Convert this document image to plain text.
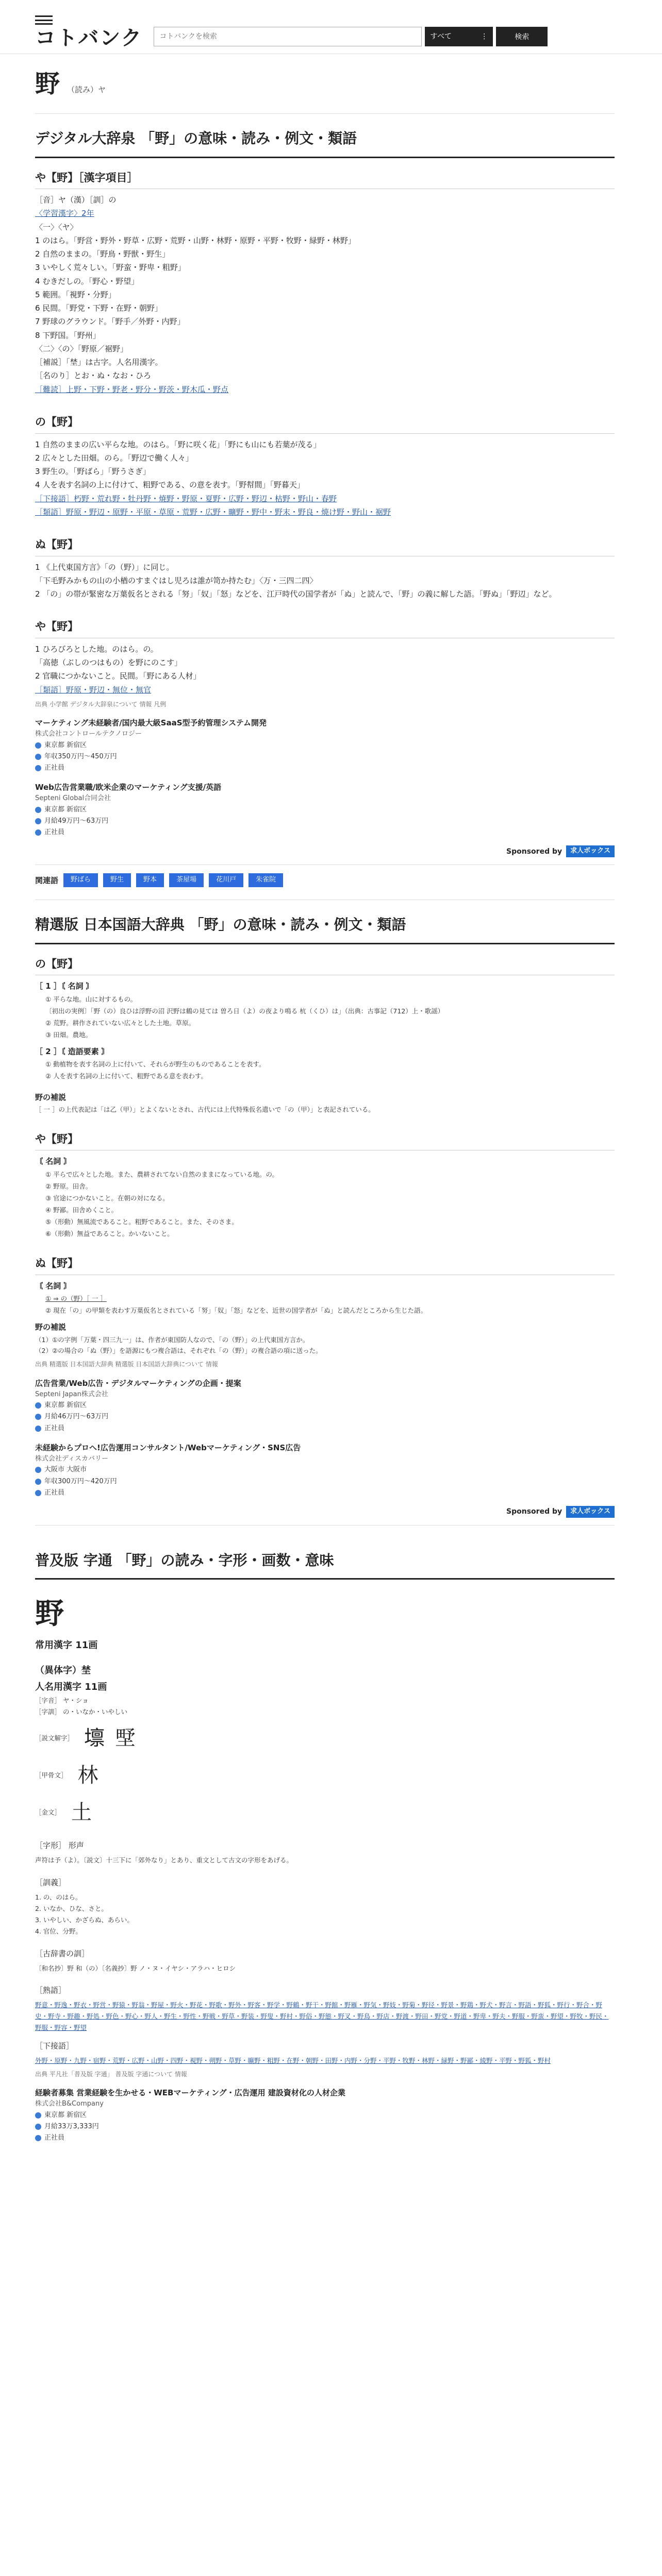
コトバンク
コトバンクを検索	すべて	⋮	検索
野 （読み）ヤ
デジタル大辞泉 「野」の意味・読み・例文・類語
や【野】［漢字項目］
［音］ヤ（漢）［訓］の
〈学習漢字〉2年
〈一〉〈ヤ〉
1 のはら。「野営・野外・野草・広野・荒野・山野・林野・原野・平野・牧野・緑野・林野」
2 自然のままの。「野鳥・野獣・野生」
3 いやしく荒々しい。「野蛮・野卑・粗野」
4 むきだしの。「野心・野望」
5 範囲。「視野・分野」
6 民間。「野党・下野・在野・朝野」
7 野球のグラウンド。「野手／外野・内野」
8 下野国。「野州」
〈二〉〈の〉「野原／裾野」
［補説］「埜」は古字。人名用漢字。
［名のり］とお・ぬ・なお・ひろ
［難読］上野・下野・野老・野分・野茨・野木瓜・野点
の【野】
1 自然のままの広い平らな地。のはら。「野に咲く花」「野にも山にも若葉が茂る」
2 広々とした田畑。のら。「野辺で働く人々」
3 野生の。「野ばら」「野うさぎ」
4 人を表す名詞の上に付けて、粗野である、の意を表す。「野幇間」「野暮天」
［下接語］朽野・荒れ野・牡丹野・焼野・野原・夏野・広野・野辺・枯野・野山・春野
［類語］野原・野辺・原野・平原・草原・荒野・広野・曠野・野中・野末・野良・焼け野・野山・裾野
ぬ【野】
1 《上代東国方言》「の（野）」に同じ。
「下毛野みかもの山の小楢のすまぐはし児ろは誰が笥か持たむ」〈万・三四二四〉
2 「の」の帯が緊密な万葉仮名とされる「努」「奴」「怒」などを、江戸時代の国学者が「ぬ」と読んで、「野」の義に解した語。「野ぬ」「野辺」など。
や【野】
1 ひろびろとした地。のはら。の。
「高徳（ぶしのつはもの）を野にのこす」
2 官職につかないこと。民間。「野にある人材」
［類語］野原・野辺・無位・無官
出典 小学館 デジタル大辞泉について 情報 凡例
マーケティング未経験者/国内最大級SaaS型予約管理システム開発
株式会社コントロールテクノロジー
東京都 新宿区
年収350万円〜450万円
正社員
Web広告営業職/欧米企業のマーケティング支援/英語
Septeni Global合同会社
東京都 新宿区
月給49万円〜63万円
正社員
Sponsored by	求人ボックス
関連語	野ばら	野生	野本	茶屋場	花川戸	朱雀院
精選版 日本国語大辞典 「野」の意味・読み・例文・類語
の【野】
［ 1 ］〘 名詞 〙
① 平らな地。山に対するもの。
〔初出の実例〕「野（の）良ひは浮野の沼 沢野は鶴の見ては 曽ろ日（よ）の夜より鳴る 杭（くひ）は」（出典：古事記（712）上・歌謡）
② 荒野。耕作されていない広々とした土地。草原。
③ 田畑。農地。
［ 2 ］〘 造語要素 〙
① 動植物を表す名詞の上に付いて、それらが野生のものであることを表す。
② 人を表す名詞の上に付いて、粗野である意を表わす。
野の補説
［ 一 ］の上代表記は「は乙（甲）」とよくないとされ、古代には上代特殊仮名遣いで「の（甲）」と表記されている。
や【野】
〘 名詞 〙
① 平らで広々とした地。また、農耕されてない自然のままになっている地。の。
② 野原。田舎。
③ 官途につかないこと。在朝の対になる。
④ 野鄙。田舎めくこと。
⑤（形動）無風流であること。粗野であること。また、そのさま。
⑥（形動）無益であること。かいないこと。
ぬ【野】
〘 名詞 〙
① ⇒ の（野）［ 一 ］
② 現在「の」の甲類を表わす万葉仮名とされている「努」「奴」「怒」などを、近世の国学者が「ぬ」と読んだところから生じた語。
野の補説
（1）①の字例「万葉・四三九一」は、作者が東国防人なので、「の（野）」の上代東国方言か。
（2）②の場合の「ぬ（野）」を語源にもつ複合語は、それぞれ「の（野）」の複合語の項に送った。
出典 精選版 日本国語大辞典 精選版 日本国語大辞典について 情報
広告営業/Web広告・デジタルマーケティングの企画・提案
Septeni Japan株式会社
東京都 新宿区
月給46万円〜63万円
正社員
未経験からプロへ!広告運用コンサルタント/Webマーケティング・SNS広告
株式会社ディスカバリー
大阪市 大阪市
年収300万円〜420万円
正社員
Sponsored by	求人ボックス
普及版 字通 「野」の読み・字形・画数・意味
野
常用漢字 11画
（異体字）埜
人名用漢字 11画
［字音］ ヤ・ショ
［字訓］ の・いなか・いやしい
［説文解字］ 𡒄 㙒
［甲骨文］ 林
［金文］ 土
［字形］ 形声
声符は予（よ）。〔説文〕十三下に「郊外なり」とあり、重文として古文の字形をあげる。
［訓義］
1. の、のはら。
2. いなか、ひな、さと。
3. いやしい、かざらぬ、あらい。
4. 官位、分野。
［古辞書の訓］
〔和名抄〕野 和（の）〔名義抄〕野 ノ・ヌ・イヤシ・アラハ・ヒロシ
［熟語］
野意・野逸・野衣・野営・野猿・野翁・野屋・野火・野花・野歌・野外・野客・野学・野鶴・野干・野館・野雁・野気・野妓・野菊・野径・野景・野鶏・野犬・野言・野語・野狐・野行・野合・野史・野寺・野趣・野処・野色・野心・野人・野生・野性・野戦・野草・野装・野叟・野村・野俗・野態・野叉・野鳥・野店・野渡・野田・野党・野道・野卑・野夫・野服・野蛮・野望・野牧・野民・野服・野容・野望
［下接語］
外野・原野・九野・宿野・荒野・広野・山野・四野・視野・朔野・草野・曠野・粗野・在野・朝野・田野・内野・分野・平野・牧野・林野・緑野・野鄙・綾野・平野・野狐・野村
出典 平凡社「普及版 字通」 普及版 字通について 情報
経験者募集 営業経験を生かせる・WEBマーケティング・広告運用 建設資材化の人材企業
株式会社B&Company
東京都 新宿区
月給33万3,333円
正社員
